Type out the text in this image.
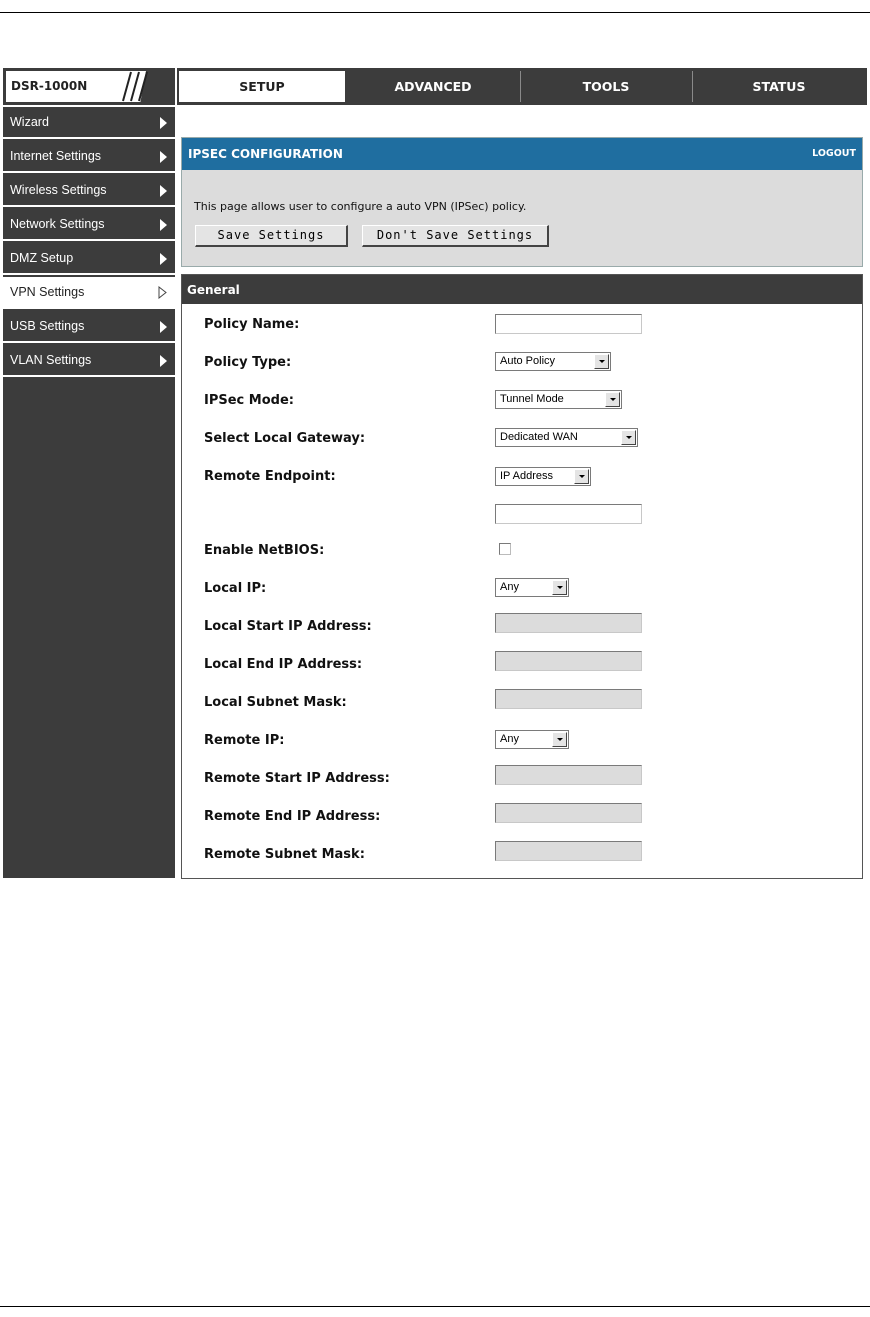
DSR-1000N	SETUP	ADVANCED	TOOLS	STATUS
Wizard
Internet Settings
Wireless Settings
Network Settings
DMZ Setup
VPN Settings
USB Settings
VLAN Settings
IPSEC CONFIGURATION	LOGOUT
This page allows user to configure a auto VPN (IPSec) policy.
Save Settings	Don't Save Settings
General
Policy Name:
Policy Type:	Auto Policy
IPSec Mode:	Tunnel Mode
Select Local Gateway:	Dedicated WAN
Remote Endpoint:	IP Address
Enable NetBIOS:
Local IP:	Any
Local Start IP Address:
Local End IP Address:
Local Subnet Mask:
Remote IP:	Any
Remote Start IP Address:
Remote End IP Address:
Remote Subnet Mask:
